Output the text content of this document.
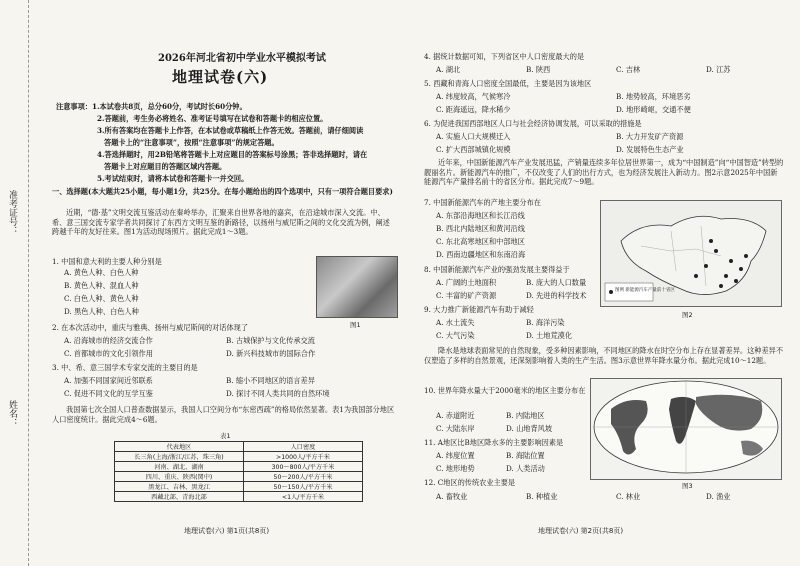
准考证号：
姓名：
2026年河北省初中学业水平模拟考试
地理试卷(六)
注意事项：1.本试卷共8页，总分60分，考试时长60分钟。
2.答题前，考生务必将姓名、准考证号填写在试卷和答题卡的相应位置。
3.所有答案均在答题卡上作答，在本试卷或草稿纸上作答无效。答题前，请仔细阅读
答题卡上的“注意事项”，按照“注意事项”的规定答题。
4.答选择题时，用2B铅笔将答题卡上对应题目的答案标号涂黑；答非选择题时，请在
答题卡上对应题目的答题区域内答题。
5.考试结束时，请将本试卷和答题卡一并交回。
一、选择题(本大题共25小题，每小题1分，共25分。在每小题给出的四个选项中，只有一项符合题目要求)
近期，“德·基”文明交流互鉴活动在秦岭举办，汇聚来自世界各地的嘉宾，在沿途城市深入交流。中、希、意三国交流专家学者共同探讨了东西方文明互鉴的新路径，以扬州与威尼斯之间的文化交流为例，阐述跨越千年的友好往来。图1为活动现场照片。据此完成1～3题。
图1
1. 中国和意大利的主要人种分别是
A. 黄色人种、白色人种
B. 黄色人种、混血人种
C. 白色人种、黄色人种
D. 黑色人种、白色人种
2. 在本次活动中，重庆与雅典、扬州与威尼斯间的对话体现了
A. 沿海城市的经济交流合作	B. 古城保护与文化传承交流
C. 首都城市的文化引领作用	D. 新兴科技城市的国际合作
3. 中、希、意三国学术专家交流的主要目的是
A. 加强不同国家间近邻联系	B. 缩小不同地区的语言差异
C. 促进不同文化的互学互鉴	D. 探讨不同人类共同的自然环境
我国第七次全国人口普查数据显示，我国人口空间分布“东密西疏”的格局依然显著。表1为我国部分地区人口密度统计。据此完成4～6题。
表1
代表地区	人口密度
长三角(上海/浙江/江苏，珠三角)	>1000人/平方千米
河南、湖北、湖南	300～800人/平方千米
四川、重庆、陕西(関中)	50～200人/平方千米
黑龙江、吉林、黑龙江	50～150人/平方千米
西藏北部、青海北部	<1人/平方千米
地理试卷(六) 第1页(共8页)
4. 据统计数据可知，下列省区中人口密度最大的是
A. 湖北	B. 陕西	C. 吉林	D. 江苏
5. 西藏和青海人口密度全国最低，主要是因为该地区
A. 纬度较高，气候寒冷	B. 地势较高，环境恶劣
C. 距海遥远，降水稀少	D. 地形崎岖，交通不便
6. 为促进我国西部地区人口与社会经济协调发展，可以采取的措施是
A. 实施人口大规模迁入	B. 大力开发矿产资源
C. 扩大西部城镇化规模	D. 发展特色生态产业
近年来，中国新能源汽车产业发展迅猛，产销量连续多年位居世界第一，成为“中国制造”向“中国智造”转型的靓丽名片。新能源汽车的推广，不仅改变了人们的出行方式，也为经济发展注入新动力。图2示意2025年中国新能源汽车产量排名前十的省区分布。据此完成7～9题。
7. 中国新能源汽车的产地主要分布在
A. 东部沿海地区和长江沿线
B. 西北内陆地区和黄河沿线
C. 东北高寒地区和中部地区
D. 西南边疆地区和东南沿海
8. 中国新能源汽车产业的强劲发展主要得益于
A. 广阔的土地面积	B. 庞大的人口数量
C. 丰富的矿产资源	D. 先进的科学技术
9. 大力推广新能源汽车有助于减轻
A. 水土流失	B. 海洋污染
C. 大气污染	D. 土地荒漠化
图例 新能源汽车产量前十省区
图2
降水是地球表面常见的自然现象，受多种因素影响，不同地区的降水在时空分布上存在显著差异。这种差异不仅塑造了多样的自然景观，还深刻影响着人类的生产生活。图3示意世界年降水量分布。据此完成10～12题。
10. 世界年降水量大于2000毫米的地区主要分布在
A. 赤道附近	B. 内陆地区
C. 大陆东岸	D. 山地背风坡
11. A地区比B地区降水多的主要影响因素是
A. 纬度位置	B. 海陆位置
C. 地形地势	D. 人类活动
12. C地区的传统农业主要是
A. 畜牧业	B. 种植业	C. 林业	D. 渔业
图3
地理试卷(六) 第2页(共8页)
